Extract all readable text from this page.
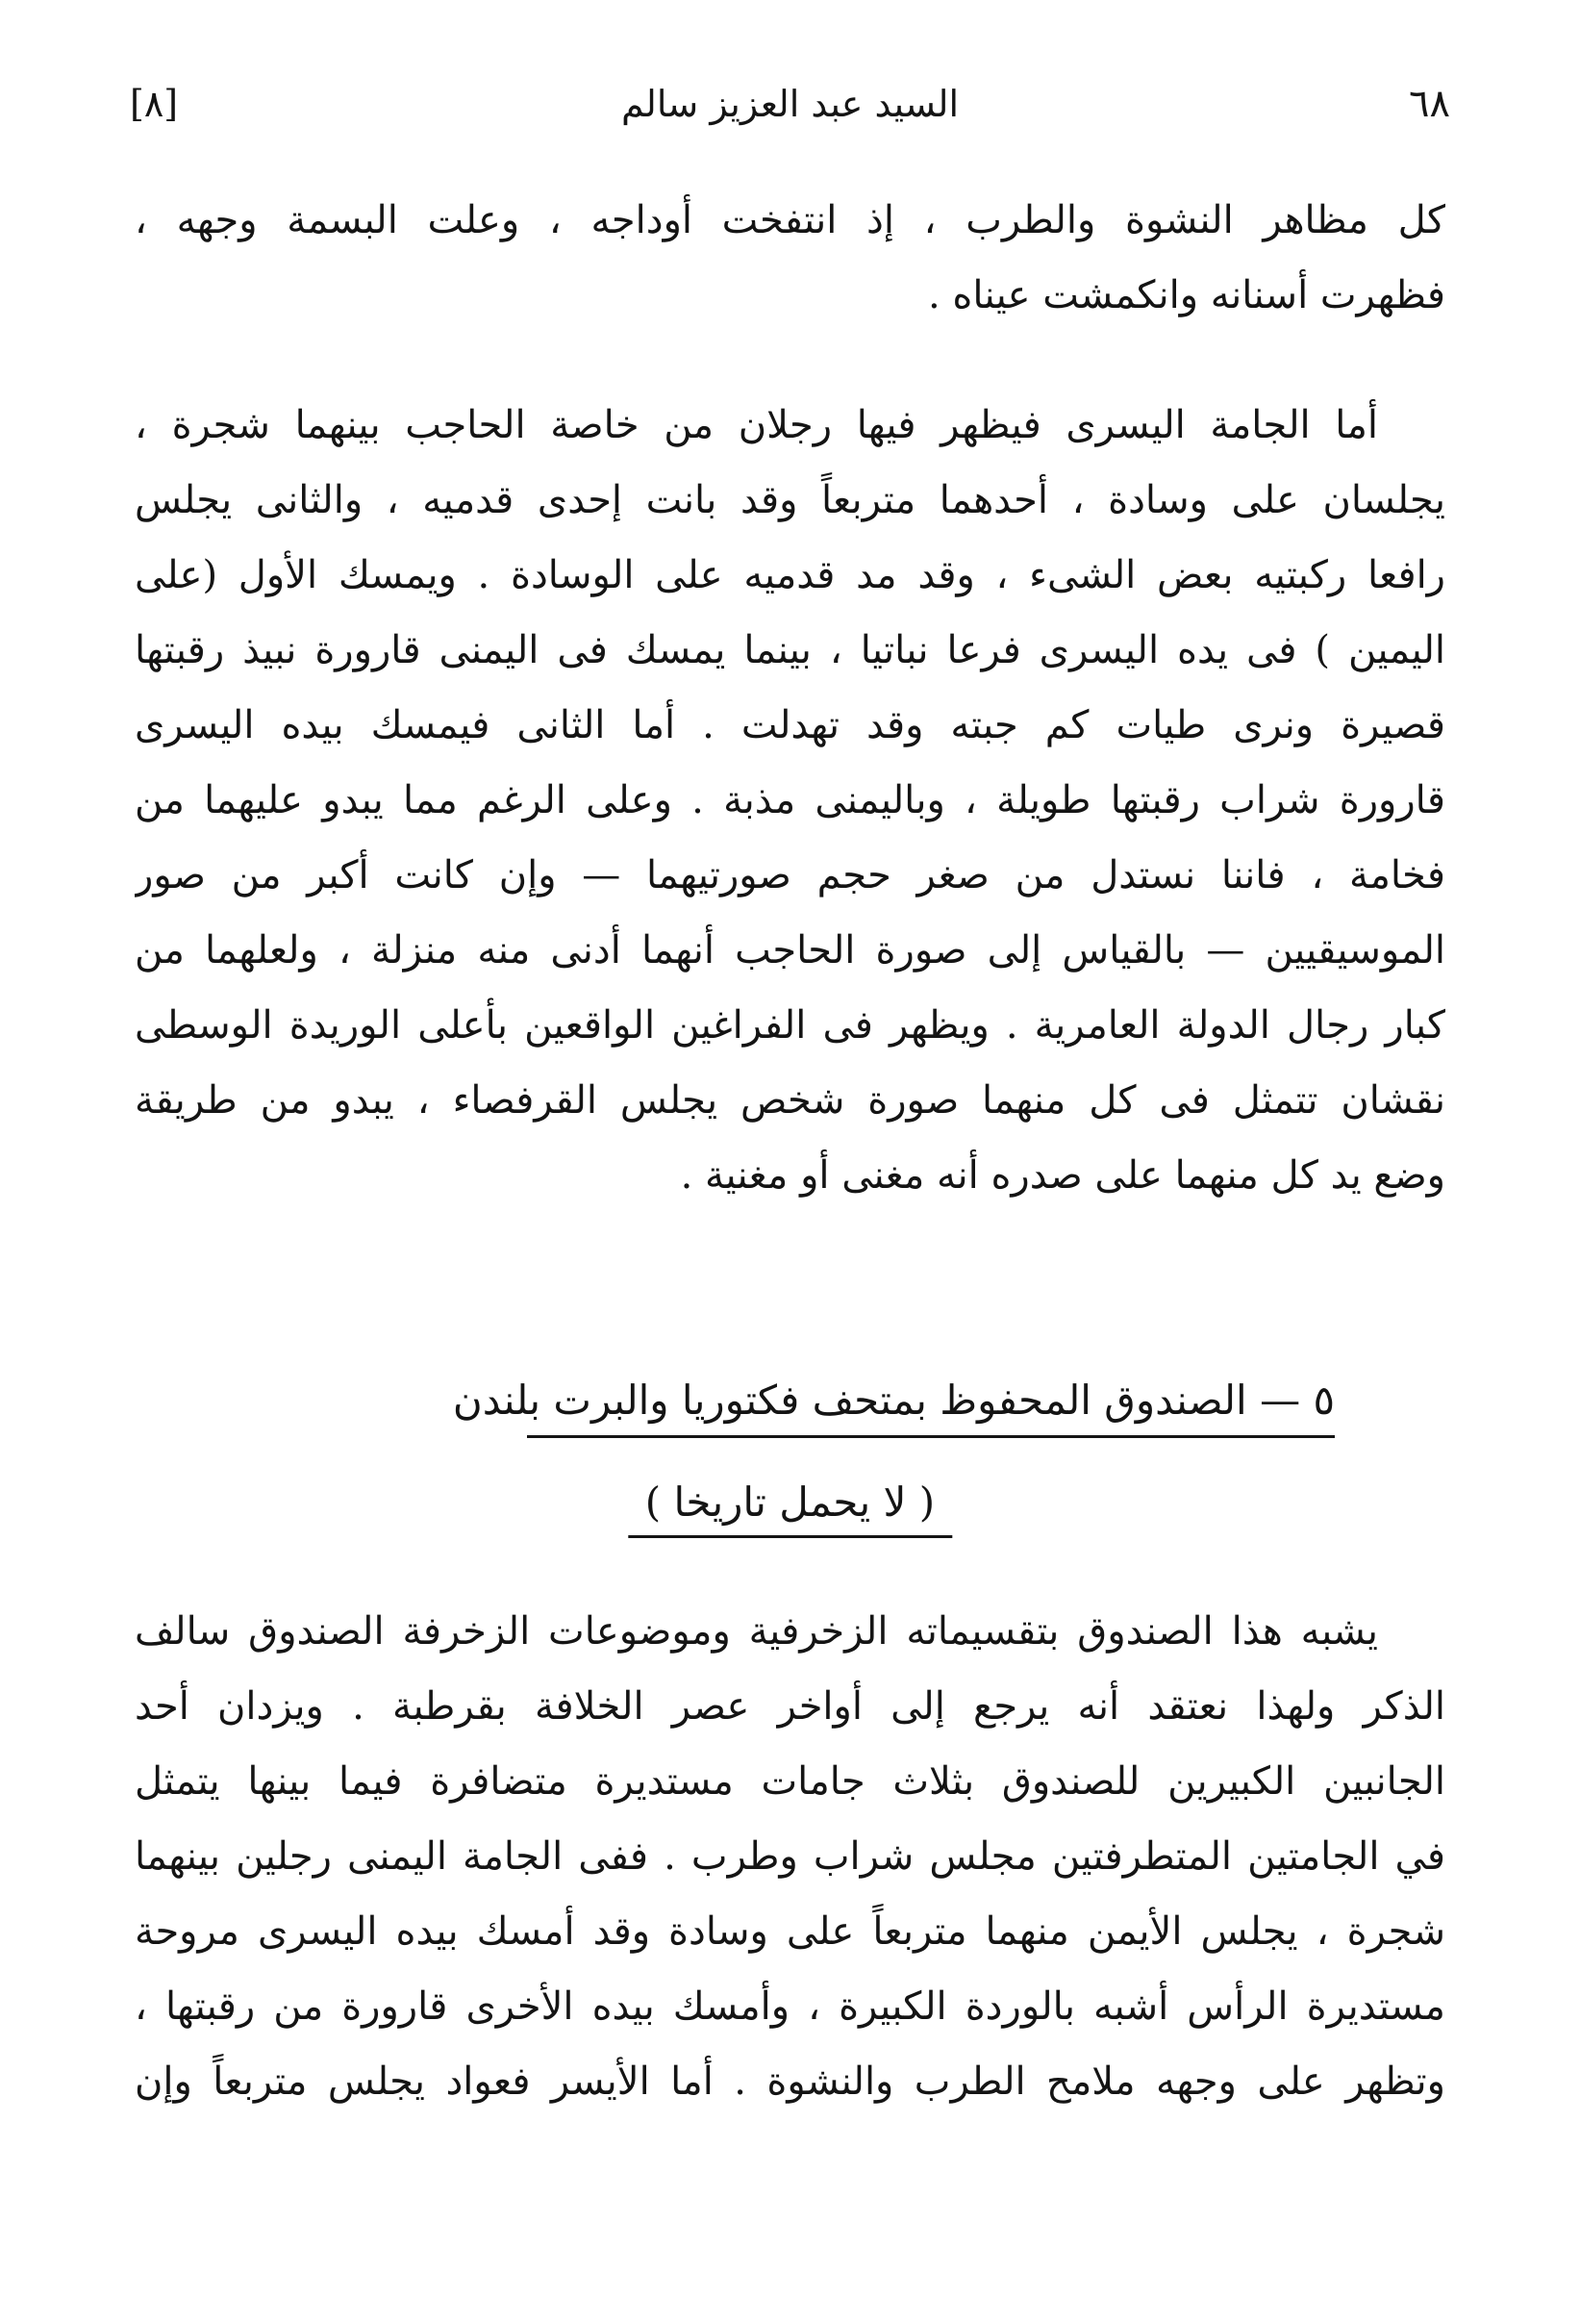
٦٨
السيد عبد العزيز سالم
[٨]
كل مظاهر النشوة والطرب ، إذ انتفخت أوداجه ، وعلت البسمة وجهه ،
فظهرت أسنانه وانكمشت عيناه .
أما الجامة اليسرى فيظهر فيها رجلان من خاصة الحاجب بينهما شجرة ،
يجلسان على وسادة ، أحدهما متربعاً وقد بانت إحدى قدميه ، والثانى يجلس
رافعا ركبتيه بعض الشىء ، وقد مد قدميه على الوسادة . ويمسك الأول (على
اليمين ) فى يده اليسرى فرعا نباتيا ، بينما يمسك فى اليمنى قارورة نبيذ رقبتها
قصيرة ونرى طيات كم جبته وقد تهدلت . أما الثانى فيمسك بيده اليسرى
قارورة شراب رقبتها طويلة ، وباليمنى مذبة . وعلى الرغم مما يبدو عليهما من
فخامة ، فاننا نستدل من صغر حجم صورتيهما — وإن كانت أكبر من صور
الموسيقيين — بالقياس إلى صورة الحاجب أنهما أدنى منه منزلة ، ولعلهما من
كبار رجال الدولة العامرية . ويظهر فى الفراغين الواقعين بأعلى الوريدة الوسطى
نقشان تتمثل فى كل منهما صورة شخص يجلس القرفصاء ، يبدو من طريقة
وضع يد كل منهما على صدره أنه مغنى أو مغنية .
٥ — الصندوق المحفوظ بمتحف فكتوريا والبرت بلندن
( لا يحمل تاريخا )
يشبه هذا الصندوق بتقسيماته الزخرفية وموضوعات الزخرفة الصندوق سالف
الذكر ولهذا نعتقد أنه يرجع إلى أواخر عصر الخلافة بقرطبة . ويزدان أحد
الجانبين الكبيرين للصندوق بثلاث جامات مستديرة متضافرة فيما بينها يتمثل
في الجامتين المتطرفتين مجلس شراب وطرب . ففى الجامة اليمنى رجلين بينهما
شجرة ، يجلس الأيمن منهما متربعاً على وسادة وقد أمسك بيده اليسرى مروحة
مستديرة الرأس أشبه بالوردة الكبيرة ، وأمسك بيده الأخرى قارورة من رقبتها ،
وتظهر على وجهه ملامح الطرب والنشوة . أما الأيسر فعواد يجلس متربعاً وإن
